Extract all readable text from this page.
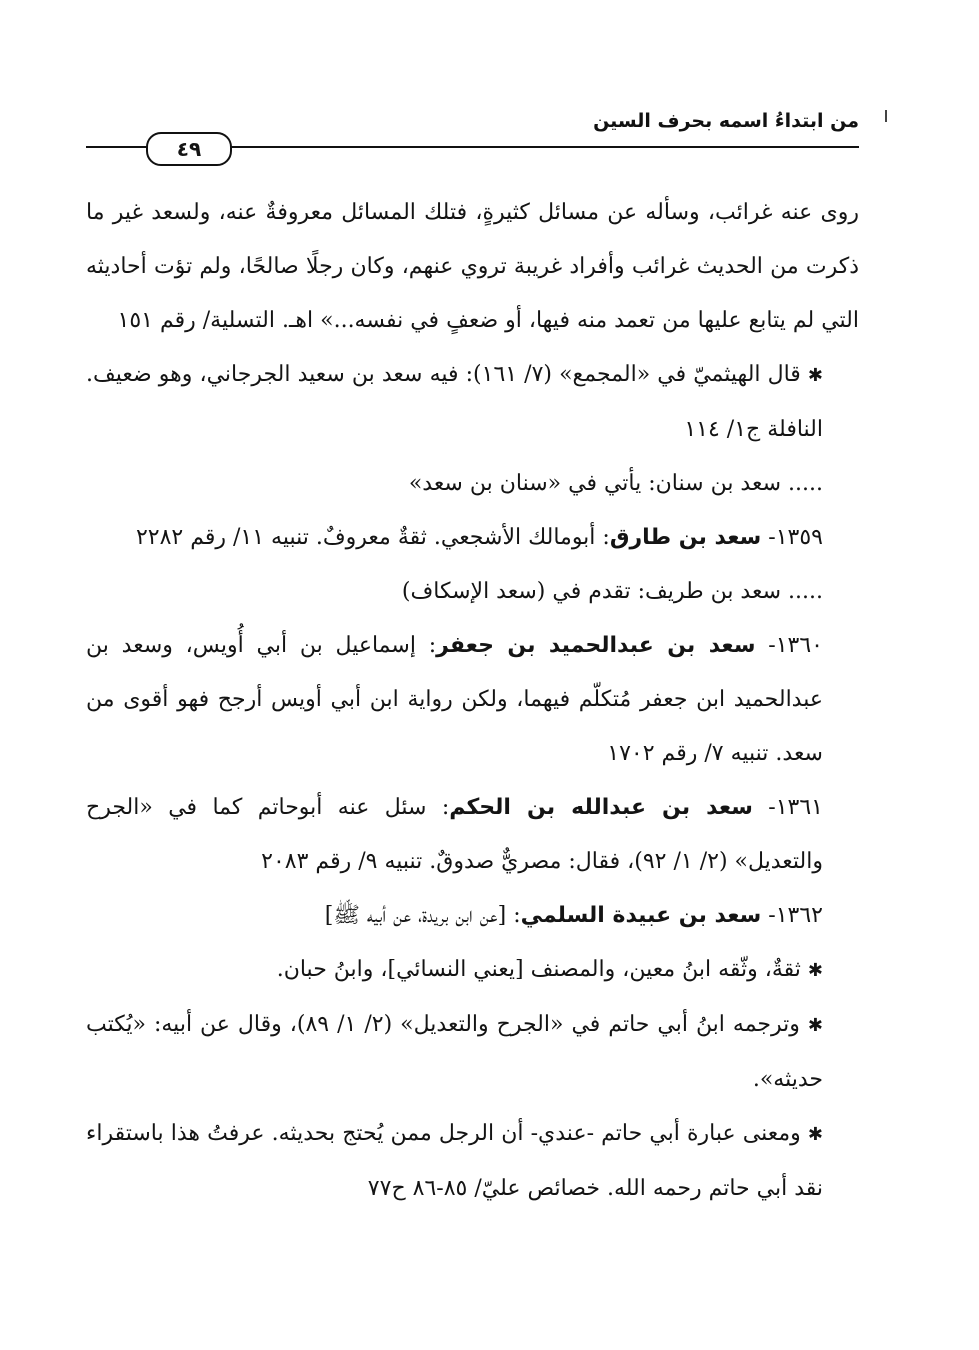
من ابتداءُ اسمه بحرف السين
٤٩

روى عنه غرائب، وسأله عن مسائل كثيرةٍ، فتلك المسائل معروفةٌ عنه، ولسعد غير ما ذكرت من الحديث غرائب وأفراد غريبة تروي عنهم، وكان رجلًا صالحًا، ولم تؤت أحاديثه التي لم يتابع عليها من تعمد منه فيها، أو ضعفٍ في نفسه...» اهـ. التسلية/ رقم ١٥١

✱ قال الهيثميّ في «المجمع» (٧/ ١٦١): فيه سعد بن سعيد الجرجاني، وهو ضعيف. النافلة ج١/ ١١٤

..... سعد بن سنان: يأتي في «سنان بن سعد»

١٣٥٩- سعد بن طارق: أبومالك الأشجعي. ثقةٌ معروفٌ. تنبيه ١١/ رقم ٢٢٨٢

..... سعد بن طريف: تقدم في (سعد الإسكاف)

١٣٦٠- سعد بن عبدالحميد بن جعفر: إسماعيل بن أبي أُويس، وسعد بن عبدالحميد ابن جعفر مُتكلّم فيهما، ولكن رواية ابن أبي أويس أرجح فهو أقوى من سعد. تنبيه ٧/ رقم ١٧٠٢

١٣٦١- سعد بن عبدالله بن الحكم: سئل عنه أبوحاتم كما في «الجرح والتعديل» (٢/ ١/ ٩٢)، فقال: مصريٌّ صدوقٌ. تنبيه ٩/ رقم ٢٠٨٣

١٣٦٢- سعد بن عبيدة السلمي: [عن ابن بريدة، عن أبيه ﷺ]

✱ ثقةٌ، وثّقه ابنُ معين، والمصنف [يعني النسائي]، وابنُ حبان.

✱ وترجمه ابنُ أبي حاتم في «الجرح والتعديل» (٢/ ١/ ٨٩)، وقال عن أبيه: «يُكتب حديثه».

✱ ومعنى عبارة أبي حاتم -عندي- أن الرجل ممن يُحتج بحديثه. عرفتُ هذا باستقراء نقد أبي حاتم رحمه الله. خصائص عليّ/ ٨٥-٨٦ ح٧٧
